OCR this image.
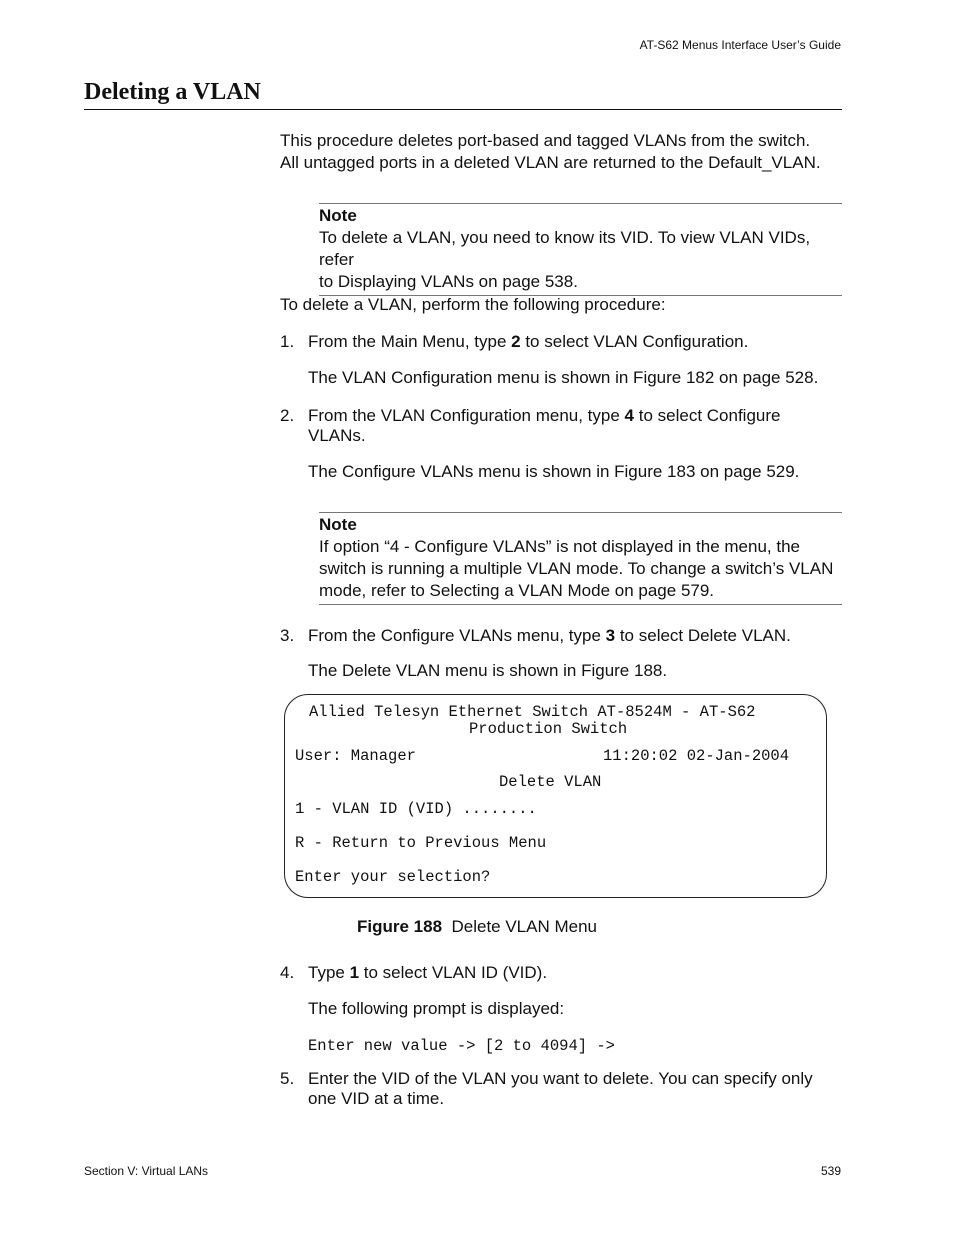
AT-S62 Menus Interface User’s Guide
Deleting a VLAN
This procedure deletes port-based and tagged VLANs from the switch.
All untagged ports in a deleted VLAN are returned to the Default_VLAN.
Note
To delete a VLAN, you need to know its VID. To view VLAN VIDs, refer
to Displaying VLANs on page 538.
To delete a VLAN, perform the following procedure:
1. From the Main Menu, type 2 to select VLAN Configuration.
The VLAN Configuration menu is shown in Figure 182 on page 528.
2. From the VLAN Configuration menu, type 4 to select Configure
VLANs.
The Configure VLANs menu is shown in Figure 183 on page 529.
Note
If option “4 - Configure VLANs” is not displayed in the menu, the
switch is running a multiple VLAN mode. To change a switch’s VLAN
mode, refer to Selecting a VLAN Mode on page 579.
3. From the Configure VLANs menu, type 3 to select Delete VLAN.
The Delete VLAN menu is shown in Figure 188.
Allied Telesyn Ethernet Switch AT-8524M - AT-S62
Production Switch
User: Manager	11:20:02 02-Jan-2004
Delete VLAN
1 - VLAN ID (VID) ........
R - Return to Previous Menu
Enter your selection?
Figure 188 Delete VLAN Menu
4. Type 1 to select VLAN ID (VID).
The following prompt is displayed:
Enter new value -> [2 to 4094] ->
5. Enter the VID of the VLAN you want to delete. You can specify only
one VID at a time.
Section V: Virtual LANs	539
